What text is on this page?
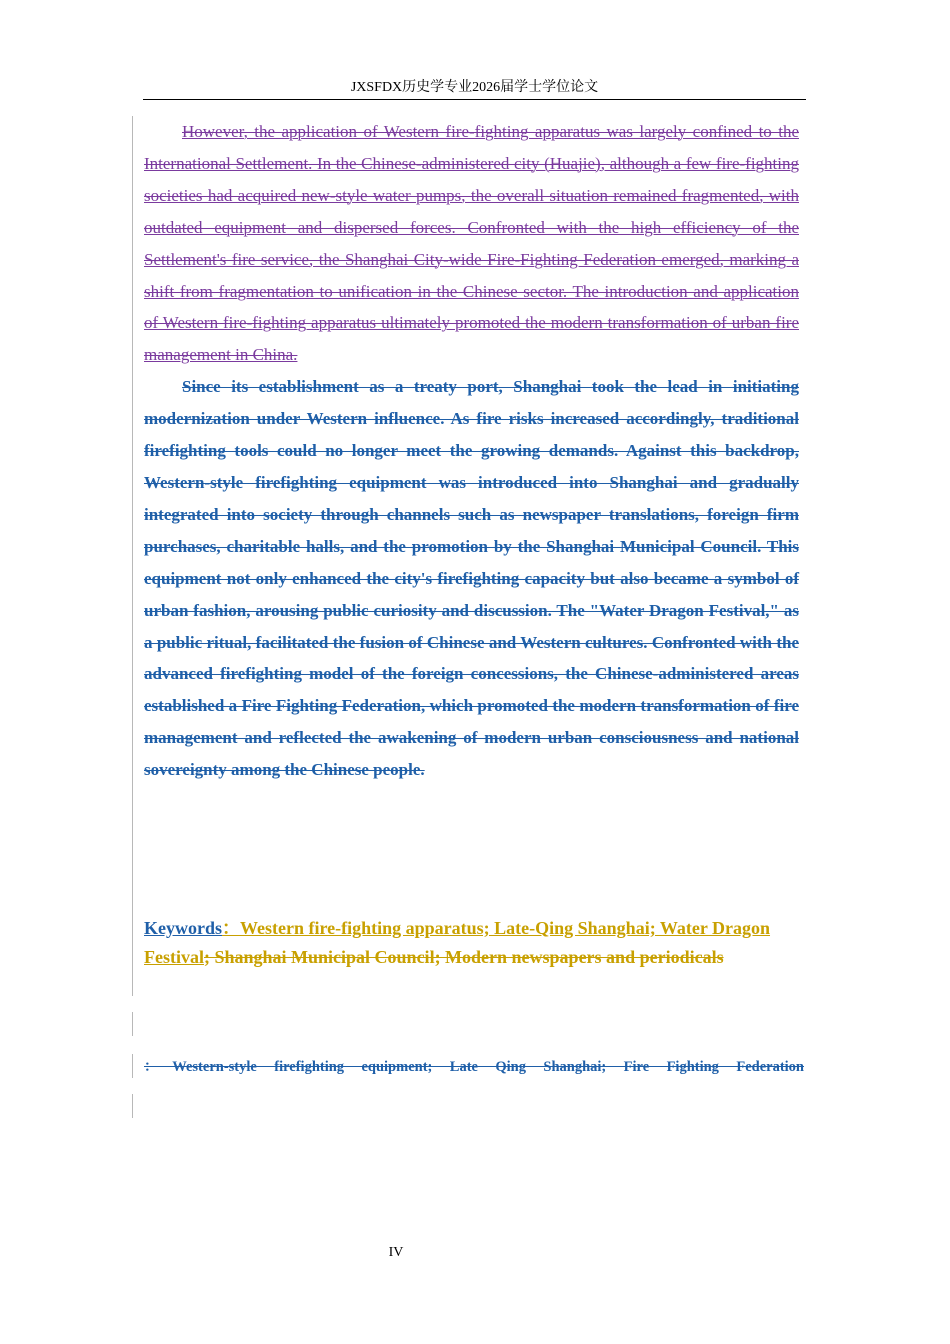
JXSFDX历史学专业2026届学士学位论文

However, the application of Western fire-fighting apparatus was largely confined to the International Settlement. In the Chinese-administered city (Huajie), although a few fire-fighting societies had acquired new-style water pumps, the overall situation remained fragmented, with outdated equipment and dispersed forces. Confronted with the high efficiency of the Settlement's fire service, the Shanghai City-wide Fire-Fighting Federation emerged, marking a shift from fragmentation to unification in the Chinese sector. The introduction and application of Western fire-fighting apparatus ultimately promoted the modern transformation of urban fire management in China.

Since its establishment as a treaty port, Shanghai took the lead in initiating modernization under Western influence. As fire risks increased accordingly, traditional firefighting tools could no longer meet the growing demands. Against this backdrop, Western-style firefighting equipment was introduced into Shanghai and gradually integrated into society through channels such as newspaper translations, foreign firm purchases, charitable halls, and the promotion by the Shanghai Municipal Council. This equipment not only enhanced the city's firefighting capacity but also became a symbol of urban fashion, arousing public curiosity and discussion. The "Water Dragon Festival," as a public ritual, facilitated the fusion of Chinese and Western cultures. Confronted with the advanced firefighting model of the foreign concessions, the Chinese-administered areas established a Fire Fighting Federation, which promoted the modern transformation of fire management and reflected the awakening of modern urban consciousness and national sovereignty among the Chinese people.

Keywords：Western fire-fighting apparatus; Late-Qing Shanghai; Water Dragon Festival; Shanghai Municipal Council; Modern newspapers and periodicals

：Western-style firefighting equipment; Late Qing Shanghai; Fire Fighting Federation

IV
